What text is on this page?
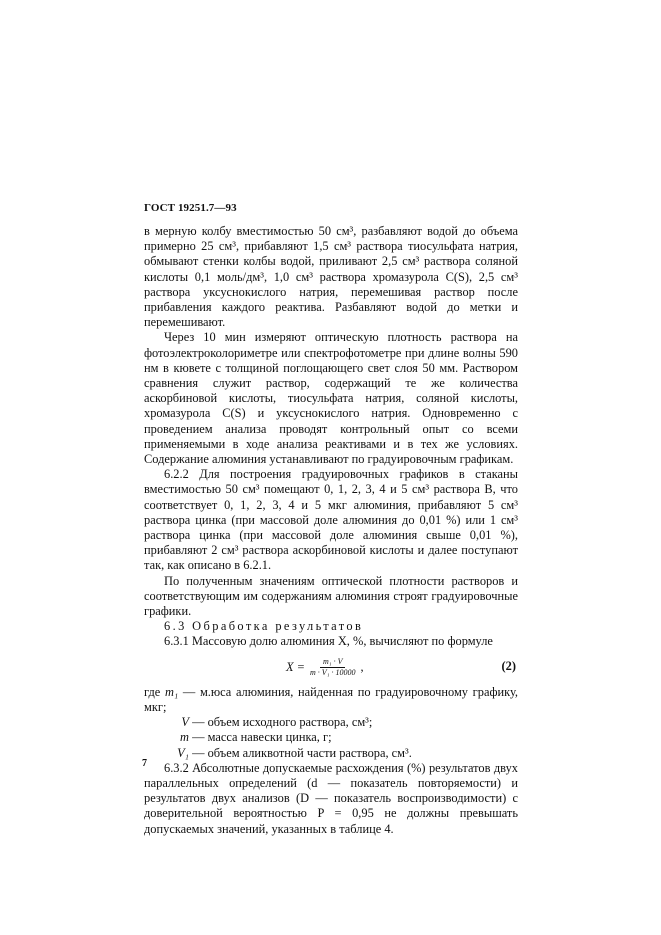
ГОСТ 19251.7—93

в мерную колбу вместимостью 50 см³, разбавляют водой до объема примерно 25 см³, прибавляют 1,5 см³ раствора тиосульфата натрия, обмывают стенки колбы водой, приливают 2,5 см³ раствора соляной кислоты 0,1 моль/дм³, 1,0 см³ раствора хромазурола С(S), 2,5 см³ раствора уксуснокислого натрия, перемешивая раствор после прибавления каждого реактива. Разбавляют водой до метки и перемешивают.

Через 10 мин измеряют оптическую плотность раствора на фотоэлектроколориметре или спектрофотометре при длине волны 590 нм в кювете с толщиной поглощающего свет слоя 50 мм. Раствором сравнения служит раствор, содержащий те же количества аскорбиновой кислоты, тиосульфата натрия, соляной кислоты, хромазурола С(S) и уксуснокислого натрия. Одновременно с проведением анализа проводят контрольный опыт со всеми применяемыми в ходе анализа реактивами и в тех же условиях. Содержание алюминия устанавливают по градуировочным графикам.

6.2.2 Для построения градуировочных графиков в стаканы вместимостью 50 см³ помещают 0, 1, 2, 3, 4 и 5 см³ раствора В, что соответствует 0, 1, 2, 3, 4 и 5 мкг алюминия, прибавляют 5 см³ раствора цинка (при массовой доле алюминия до 0,01 %) или 1 см³ раствора цинка (при массовой доле алюминия свыше 0,01 %), прибавляют 2 см³ раствора аскорбиновой кислоты и далее поступают так, как описано в 6.2.1.

По полученным значениям оптической плотности растворов и соответствующим им содержаниям алюминия строят градуировочные графики.

6.3 Обработка результатов

6.3.1 Массовую долю алюминия X, %, вычисляют по формуле

$X = \frac{\text{m₁ · V}}{\text{m · V₁ · 10000}}$ ,	(2)

где m₁ — м.юса алюминия, найденная по градуировочному графику, мкг;

V — объем исходного раствора, см³;

m — масса навески цинка, г;

V₁ — объем аликвотной части раствора, см³.

6.3.2 Абсолютные допускаемые расхождения (%) результатов двух параллельных определений (d — показатель повторяемости) и результатов двух анализов (D — показатель воспроизводимости) с доверительной вероятностью P = 0,95 не должны превышать допускаемых значений, указанных в таблице 4.

7
